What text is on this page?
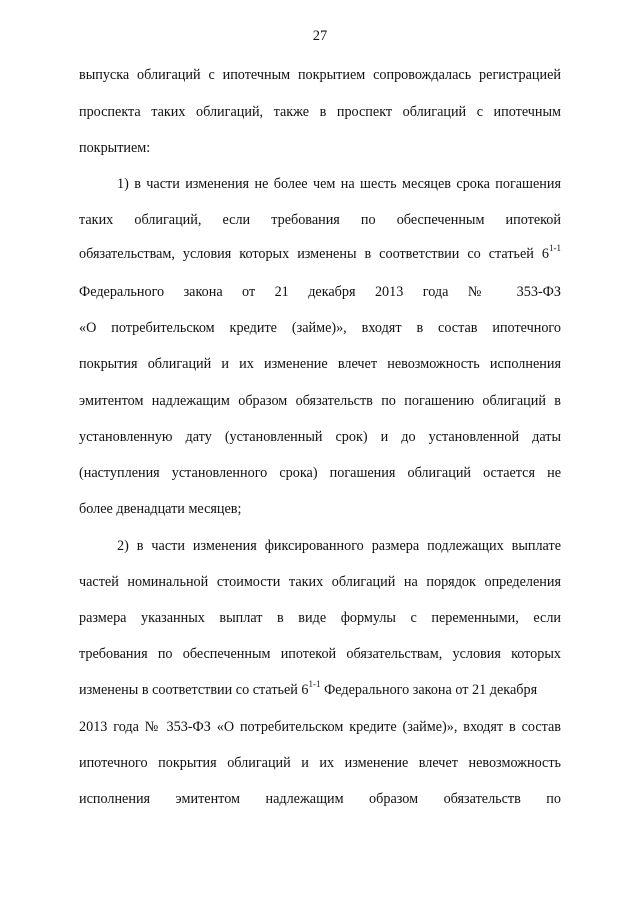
27
выпуска облигаций с ипотечным покрытием сопровождалась регистрацией
проспекта таких облигаций, также в проспект облигаций с ипотечным
покрытием:
1) в части изменения не более чем на шесть месяцев срока погашения
таких облигаций, если требования по обеспеченным ипотекой
обязательствам, условия которых изменены в соответствии со статьей 6$^{1-1}$
Федерального закона от 21 декабря 2013 года № 353-ФЗ
«О потребительском кредите (займе)», входят в состав ипотечного
покрытия облигаций и их изменение влечет невозможность исполнения
эмитентом надлежащим образом обязательств по погашению облигаций в
установленную дату (установленный срок) и до установленной даты
(наступления установленного срока) погашения облигаций остается не
более двенадцати месяцев;
2) в части изменения фиксированного размера подлежащих выплате
частей номинальной стоимости таких облигаций на порядок определения
размера указанных выплат в виде формулы с переменными, если
требования по обеспеченным ипотекой обязательствам, условия которых
изменены в соответствии со статьей 6$^{1-1}$ Федерального закона от 21 декабря
2013 года № 353-ФЗ «О потребительском кредите (займе)», входят в состав
ипотечного покрытия облигаций и их изменение влечет невозможность
исполнения эмитентом надлежащим образом обязательств по
